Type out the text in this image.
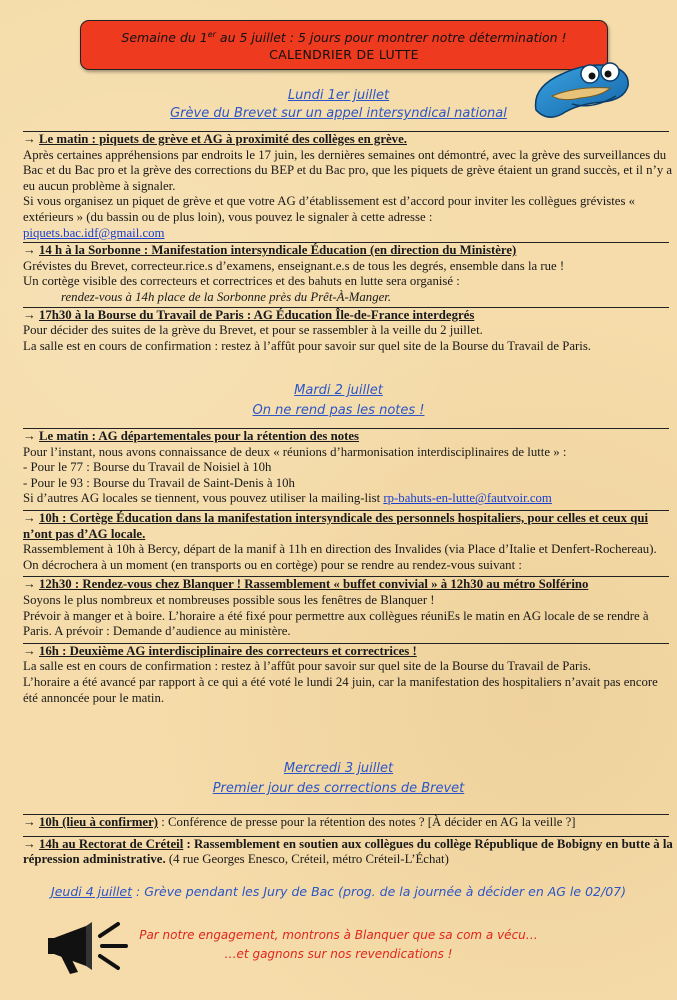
Semaine du 1er au 5 juillet : 5 jours pour montrer notre détermination !
CALENDRIER DE LUTTE
Lundi 1er juillet
Grève du Brevet sur un appel intersyndical national

→ Le matin : piquets de grève et AG à proximité des collèges en grève.

Après certaines appréhensions par endroits le 17 juin, les dernières semaines ont démontré, avec la grève des surveillances du Bac et du Bac pro et la grève des corrections du BEP et du Bac pro, que les piquets de grève étaient un grand succès, et il n’y a eu aucun problème à signaler.

Si vous organisez un piquet de grève et que votre AG d’établissement est d’accord pour inviter les collègues grévistes « extérieurs » (du bassin ou de plus loin), vous pouvez le signaler à cette adresse :

piquets.bac.idf@gmail.com

→ 14 h à la Sorbonne : Manifestation intersyndicale Éducation (en direction du Ministère)

Grévistes du Brevet, correcteur.rice.s d’examens, enseignant.e.s de tous les degrés, ensemble dans la rue !

Un cortège visible des correcteurs et correctrices et des bahuts en lutte sera organisé :

rendez-vous à 14h place de la Sorbonne près du Prêt-À-Manger.

→ 17h30 à la Bourse du Travail de Paris : AG Éducation Île-de-France interdegrés

Pour décider des suites de la grève du Brevet, et pour se rassembler à la veille du 2 juillet.

La salle est en cours de confirmation : restez à l’affût pour savoir sur quel site de la Bourse du Travail de Paris.

Mardi 2 juillet
On ne rend pas les notes !

→ Le matin : AG départementales pour la rétention des notes

Pour l’instant, nous avons connaissance de deux « réunions d’harmonisation interdisciplinaires de lutte » :

- Pour le 77 : Bourse du Travail de Noisiel à 10h

- Pour le 93 : Bourse du Travail de Saint-Denis à 10h

Si d’autres AG locales se tiennent, vous pouvez utiliser la mailing-list rp-bahuts-en-lutte@fautvoir.com

→ 10h : Cortège Éducation dans la manifestation intersyndicale des personnels hospitaliers, pour celles et ceux qui n’ont pas d’AG locale.

Rassemblement à 10h à Bercy, départ de la manif à 11h en direction des Invalides (via Place d’Italie et Denfert-Rochereau).

On décrochera à un moment (en transports ou en cortège) pour se rendre au rendez-vous suivant :

→ 12h30 : Rendez-vous chez Blanquer ! Rassemblement « buffet convivial » à 12h30 au métro Solférino

Soyons le plus nombreux et nombreuses possible sous les fenêtres de Blanquer !

Prévoir à manger et à boire. L’horaire a été fixé pour permettre aux collègues réuniEs le matin en AG locale de se rendre à Paris. A prévoir : Demande d’audience au ministère.

→ 16h : Deuxième AG interdisciplinaire des correcteurs et correctrices !

La salle est en cours de confirmation : restez à l’affût pour savoir sur quel site de la Bourse du Travail de Paris.

L’horaire a été avancé par rapport à ce qui a été voté le lundi 24 juin, car la manifestation des hospitaliers n’avait pas encore été annoncée pour le matin.

Mercredi 3 juillet
Premier jour des corrections de Brevet

→ 10h (lieu à confirmer) : Conférence de presse pour la rétention des notes ? [À décider en AG la veille ?]

→ 14h au Rectorat de Créteil : Rassemblement en soutien aux collègues du collège République de Bobigny en butte à la répression administrative. (4 rue Georges Enesco, Créteil, métro Créteil-L’Échat)

Jeudi 4 juillet : Grève pendant les Jury de Bac (prog. de la journée à décider en AG le 02/07)
Par notre engagement, montrons à Blanquer que sa com a vécu…
…et gagnons sur nos revendications !
